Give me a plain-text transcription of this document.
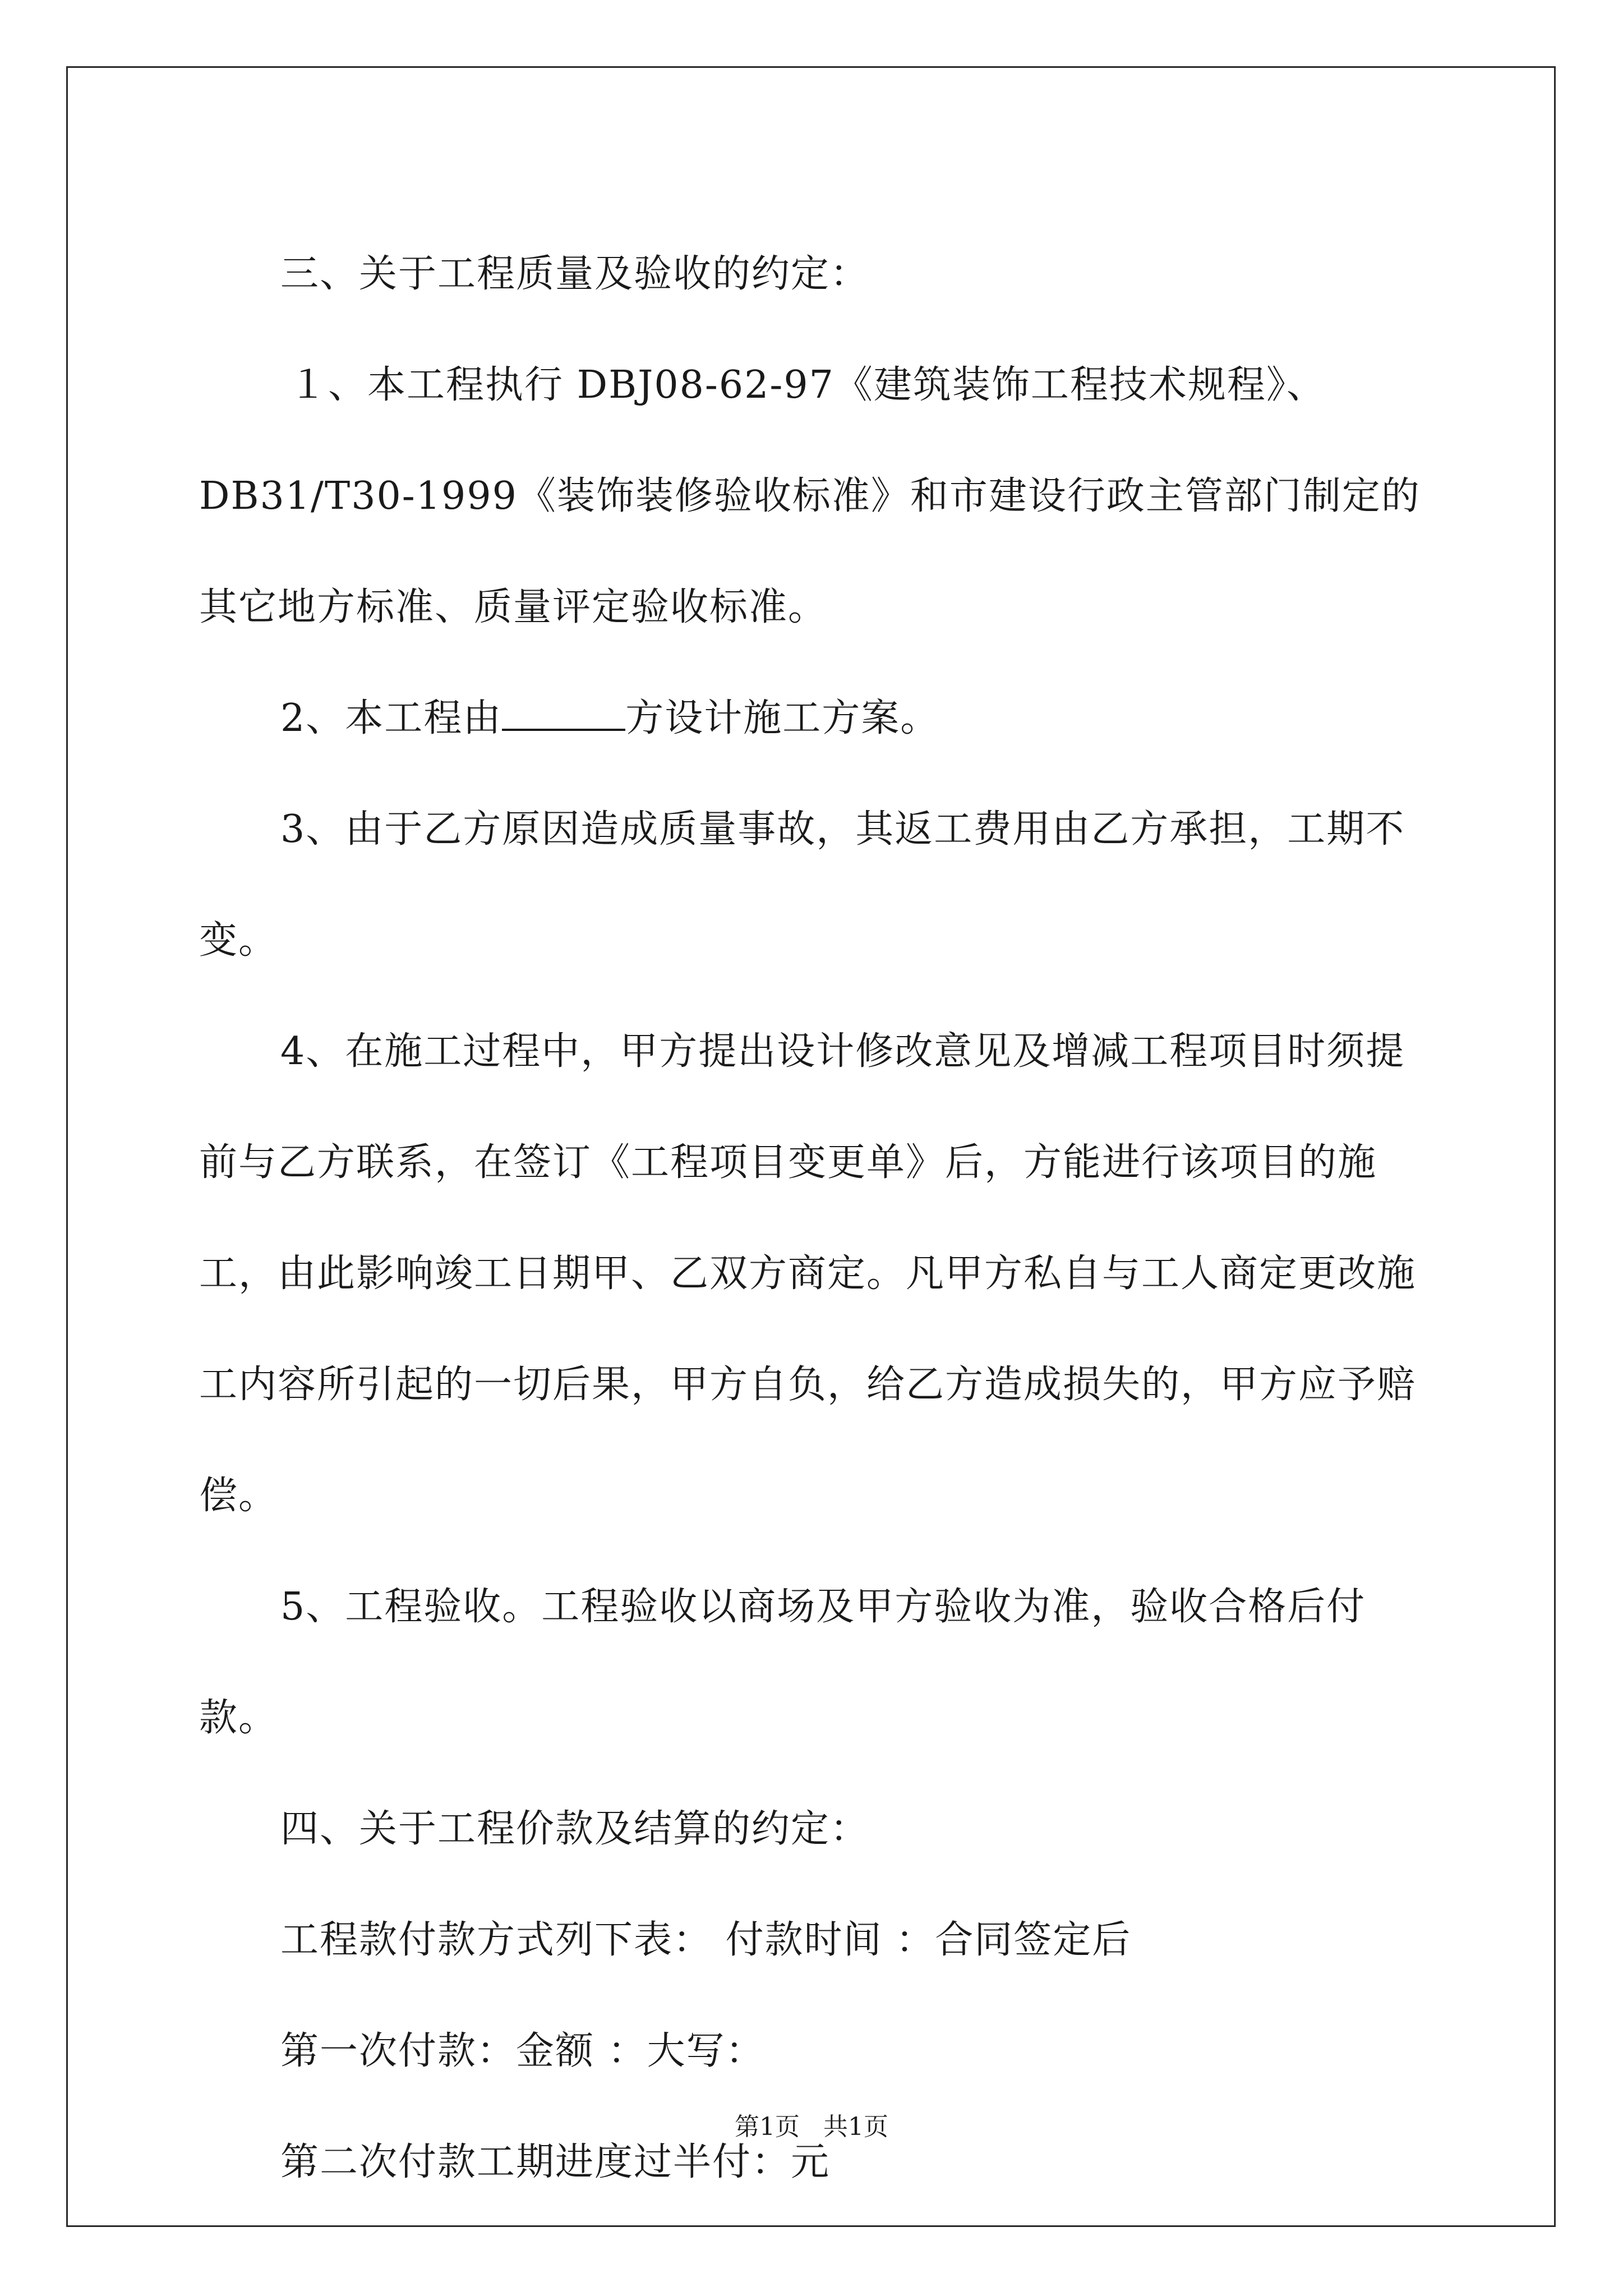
三、关于工程质量及验收的约定：

１、本工程执行 DBJ08-62-97《建筑装饰工程技术规程》、DB31/T30-1999《装饰装修验收标准》和市建设行政主管部门制定的其它地方标准、质量评定验收标准。

2、本工程由	方设计施工方案。

3、由于乙方原因造成质量事故，其返工费用由乙方承担，工期不变。

4、在施工过程中，甲方提出设计修改意见及增减工程项目时须提前与乙方联系，在签订《工程项目变更单》后，方能进行该项目的施工，由此影响竣工日期甲、乙双方商定。凡甲方私自与工人商定更改施工内容所引起的一切后果，甲方自负，给乙方造成损失的，甲方应予赔偿。

5、工程验收。工程验收以商场及甲方验收为准，验收合格后付款。

四、关于工程价款及结算的约定：

工程款付款方式列下表： 付款时间 ：合同签定后

第一次付款：金额 ：大写：

第二次付款工期进度过半付：元

第1页 共1页
